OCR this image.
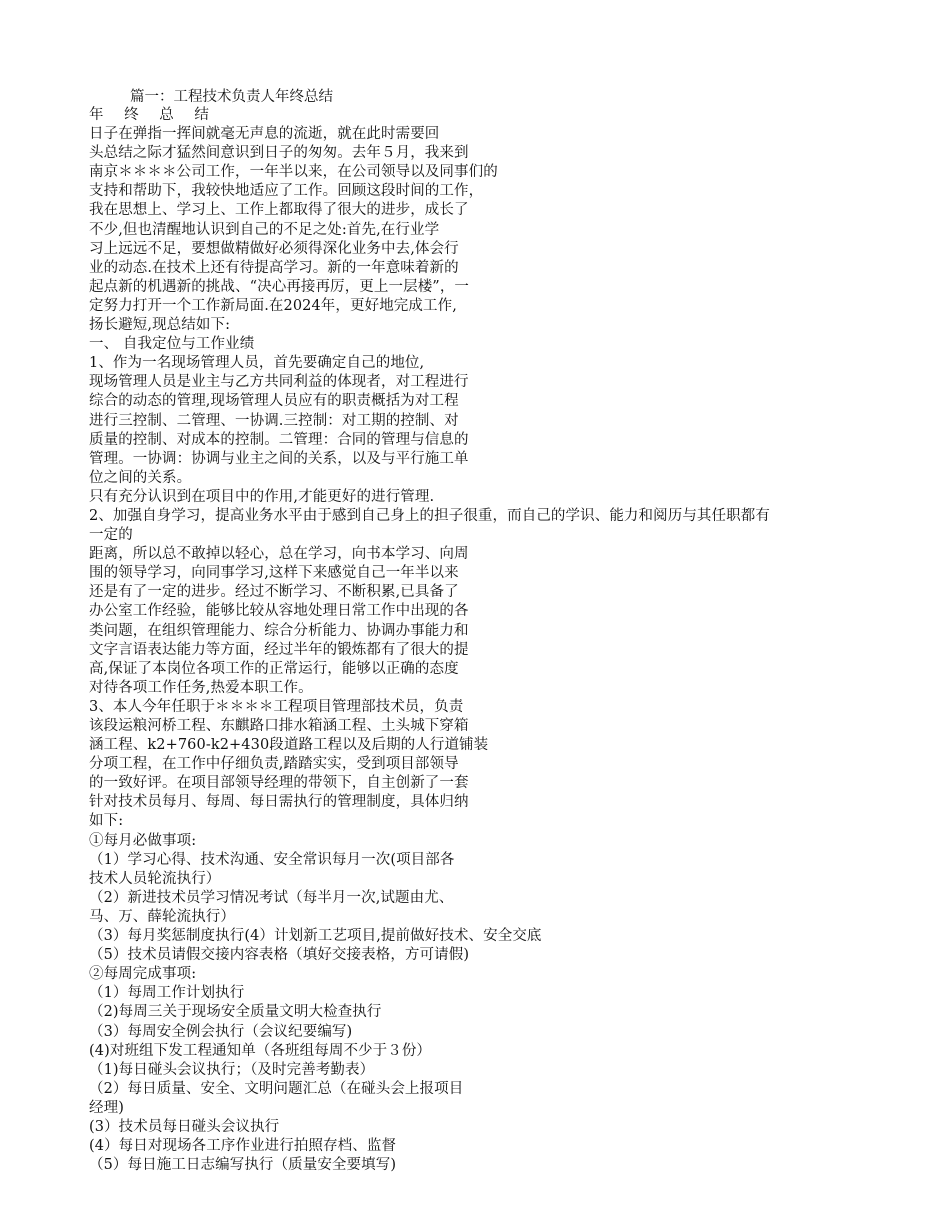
篇一：工程技术负责人年终总结
年 终 总 结
日子在弹指一挥间就毫无声息的流逝，就在此时需要回
头总结之际才猛然间意识到日子的匆匆。去年５月，我来到
南京＊＊＊＊公司工作，一年半以来，在公司领导以及同事们的
支持和帮助下，我较快地适应了工作。回顾这段时间的工作，
我在思想上、学习上、工作上都取得了很大的进步，成长了
不少,但也清醒地认识到自己的不足之处:首先,在行业学
习上远远不足，要想做精做好必须得深化业务中去,体会行
业的动态.在技术上还有待提高学习。新的一年意味着新的
起点新的机遇新的挑战、“决心再接再厉，更上一层楼”，一
定努力打开一个工作新局面.在2024年，更好地完成工作,
扬长避短,现总结如下:
一、 自我定位与工作业绩
1、作为一名现场管理人员，首先要确定自己的地位,
现场管理人员是业主与乙方共同利益的体现者，对工程进行
综合的动态的管理,现场管理人员应有的职责概括为对工程
进行三控制、二管理、一协调.三控制：对工期的控制、对
质量的控制、对成本的控制。二管理：合同的管理与信息的
管理。一协调：协调与业主之间的关系，以及与平行施工单
位之间的关系。
只有充分认识到在项目中的作用,才能更好的进行管理.
2、加强自身学习，提高业务水平由于感到自己身上的担子很重，而自己的学识、能力和阅历与其任职都有
一定的
距离，所以总不敢掉以轻心，总在学习，向书本学习、向周
围的领导学习，向同事学习,这样下来感觉自己一年半以来
还是有了一定的进步。经过不断学习、不断积累,已具备了
办公室工作经验，能够比较从容地处理日常工作中出现的各
类问题，在组织管理能力、综合分析能力、协调办事能力和
文字言语表达能力等方面，经过半年的锻炼都有了很大的提
高,保证了本岗位各项工作的正常运行，能够以正确的态度
对待各项工作任务,热爱本职工作。
3、本人今年任职于＊＊＊＊工程项目管理部技术员，负责
该段运粮河桥工程、东麒路口排水箱涵工程、土头城下穿箱
涵工程、k2+760-k2+430段道路工程以及后期的人行道铺装
分项工程，在工作中仔细负责,踏踏实实，受到项目部领导
的一致好评。在项目部领导经理的带领下，自主创新了一套
针对技术员每月、每周、每日需执行的管理制度，具体归纳
如下:
①每月必做事项:
（1）学习心得、技术沟通、安全常识每月一次(项目部各
技术人员轮流执行）
（2）新进技术员学习情况考试（每半月一次,试题由尤、
马、万、薛轮流执行）
（3）每月奖惩制度执行(4）计划新工艺项目,提前做好技术、安全交底
（5）技术员请假交接内容表格（填好交接表格，方可请假)
②每周完成事项:
（1）每周工作计划执行
（2)每周三关于现场安全质量文明大检查执行
（3）每周安全例会执行（会议纪要编写)
(4)对班组下发工程通知单（各班组每周不少于３份）
（1)每日碰头会议执行；（及时完善考勤表）
（2）每日质量、安全、文明问题汇总（在碰头会上报项目
经理)
(3）技术员每日碰头会议执行
(4）每日对现场各工序作业进行拍照存档、监督
（5）每日施工日志编写执行（质量安全要填写)
